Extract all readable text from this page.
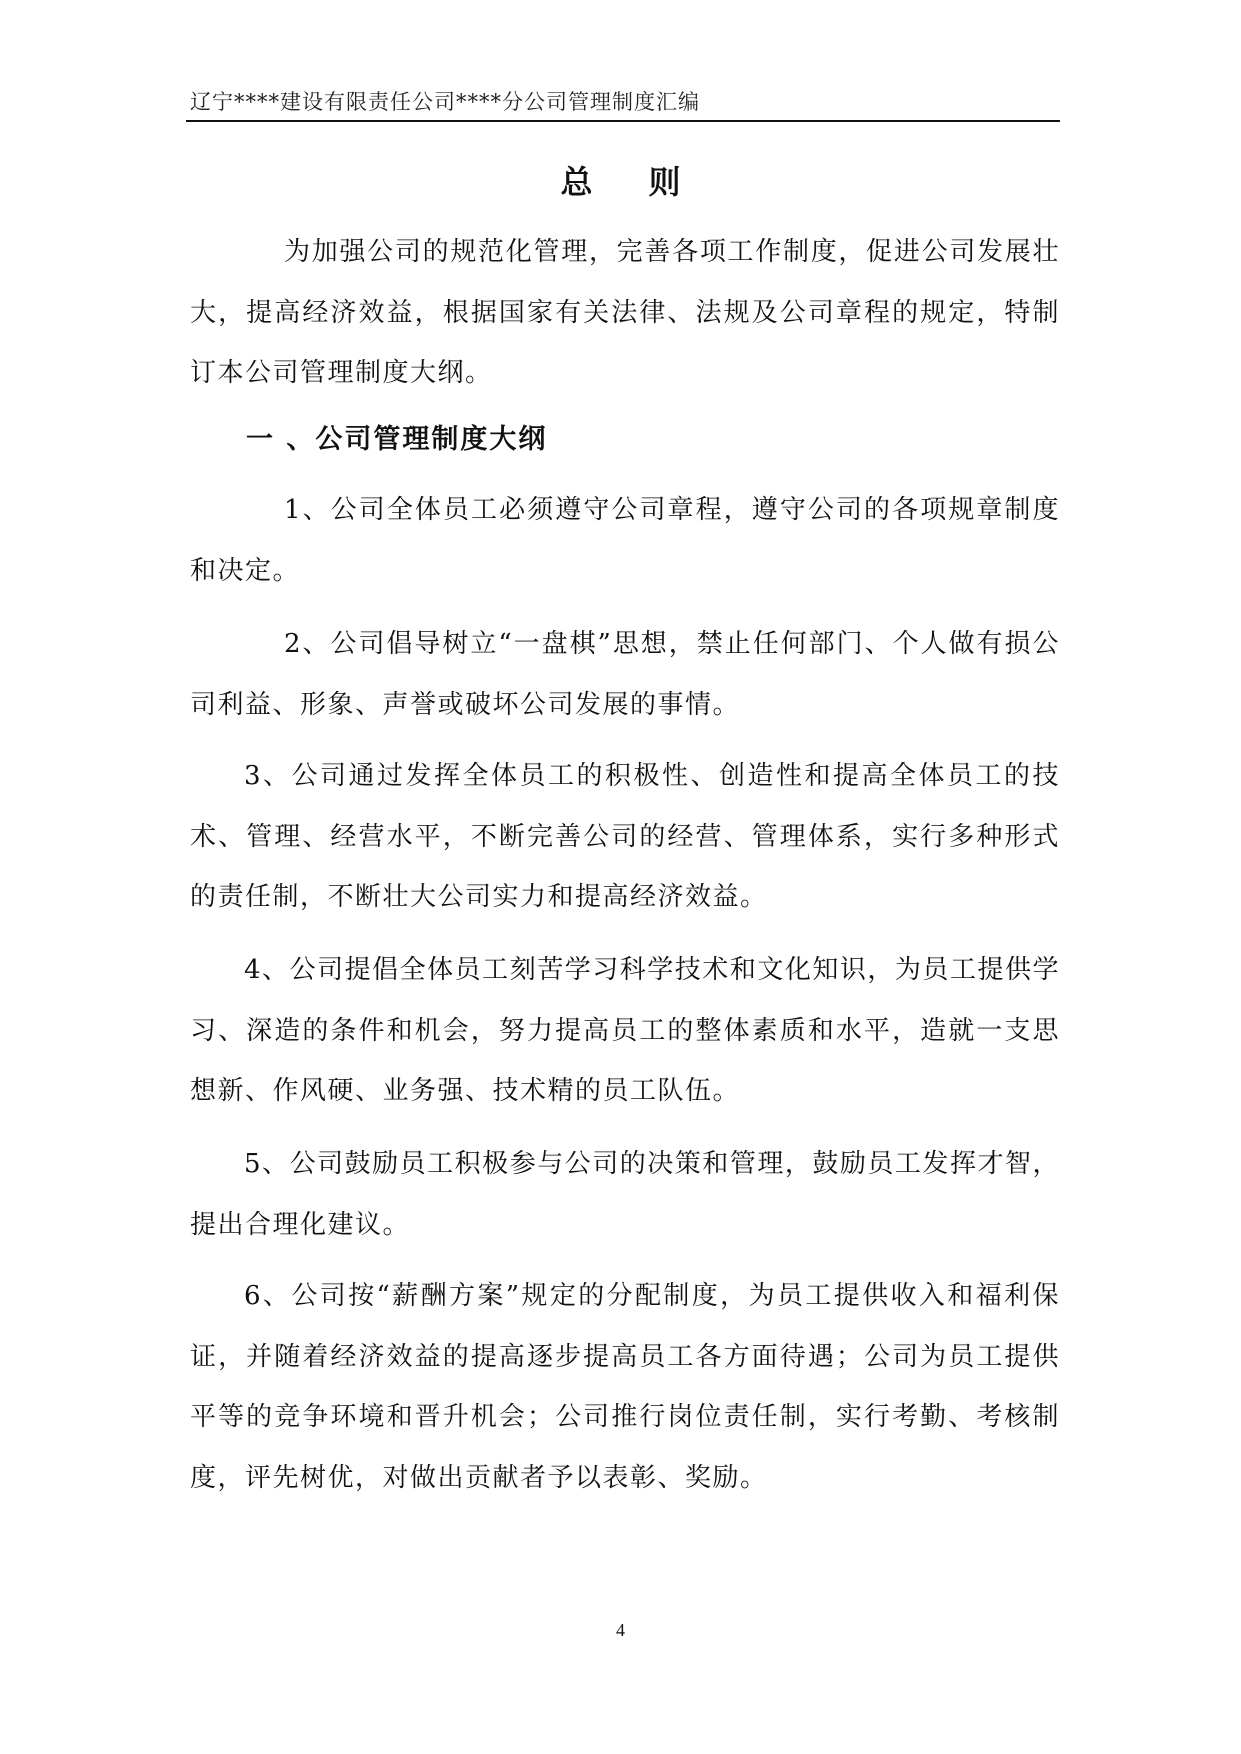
辽宁****建设有限责任公司****分公司管理制度汇编
总则

为加强公司的规范化管理，完善各项工作制度，促进公司发展壮大，提高经济效益，根据国家有关法律、法规及公司章程的规定，特制订本公司管理制度大纲。

一 、公司管理制度大纲

1、公司全体员工必须遵守公司章程，遵守公司的各项规章制度和决定。

2、公司倡导树立“一盘棋”思想，禁止任何部门、个人做有损公司利益、形象、声誉或破坏公司发展的事情。

3、公司通过发挥全体员工的积极性、创造性和提高全体员工的技术、管理、经营水平，不断完善公司的经营、管理体系，实行多种形式的责任制，不断壮大公司实力和提高经济效益。

4、公司提倡全体员工刻苦学习科学技术和文化知识，为员工提供学习、深造的条件和机会，努力提高员工的整体素质和水平，造就一支思想新、作风硬、业务强、技术精的员工队伍。

5、公司鼓励员工积极参与公司的决策和管理，鼓励员工发挥才智，提出合理化建议。

6、公司按“薪酬方案”规定的分配制度，为员工提供收入和福利保证，并随着经济效益的提高逐步提高员工各方面待遇；公司为员工提供平等的竞争环境和晋升机会；公司推行岗位责任制，实行考勤、考核制度，评先树优，对做出贡献者予以表彰、奖励。

4
